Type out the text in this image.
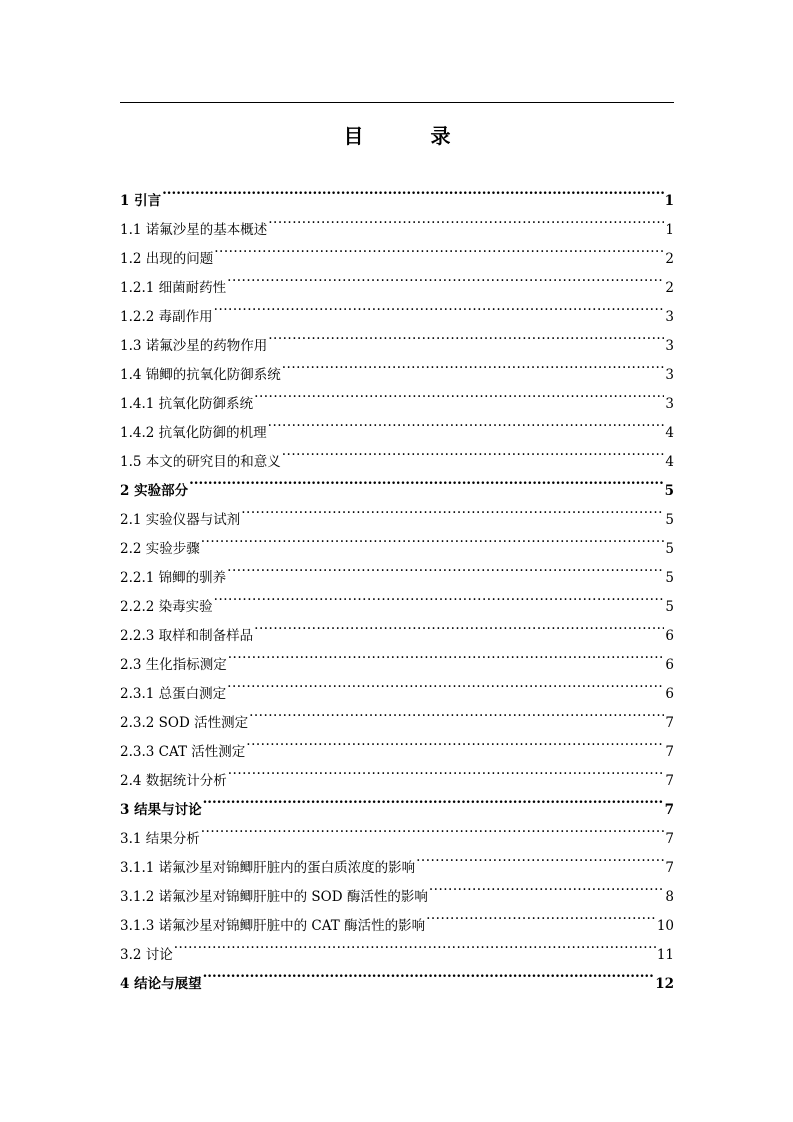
目 录
1 引言 .....	1
1.1 诺氟沙星的基本概述 .....	1
1.2 出现的问题 .....	2
1.2.1 细菌耐药性 .....	2
1.2.2 毒副作用 .....	3
1.3 诺氟沙星的药物作用 .....	3
1.4 锦鲫的抗氧化防御系统 .....	3
1.4.1 抗氧化防御系统 .....	3
1.4.2 抗氧化防御的机理 .....	4
1.5 本文的研究目的和意义 .....	4
2 实验部分 .....	5
2.1 实验仪器与试剂 .....	5
2.2 实验步骤 .....	5
2.2.1 锦鲫的驯养 .....	5
2.2.2 染毒实验 .....	5
2.2.3 取样和制备样品 .....	6
2.3 生化指标测定 .....	6
2.3.1 总蛋白测定 .....	6
2.3.2 SOD 活性测定 .....	7
2.3.3 CAT 活性测定 .....	7
2.4 数据统计分析 .....	7
3 结果与讨论 .....	7
3.1 结果分析 .....	7
3.1.1 诺氟沙星对锦鲫肝脏内的蛋白质浓度的影响 .....	7
3.1.2 诺氟沙星对锦鲫肝脏中的 SOD 酶活性的影响 .....	8
3.1.3 诺氟沙星对锦鲫肝脏中的 CAT 酶活性的影响 .....	10
3.2 讨论 .....	11
4 结论与展望 .....	12
